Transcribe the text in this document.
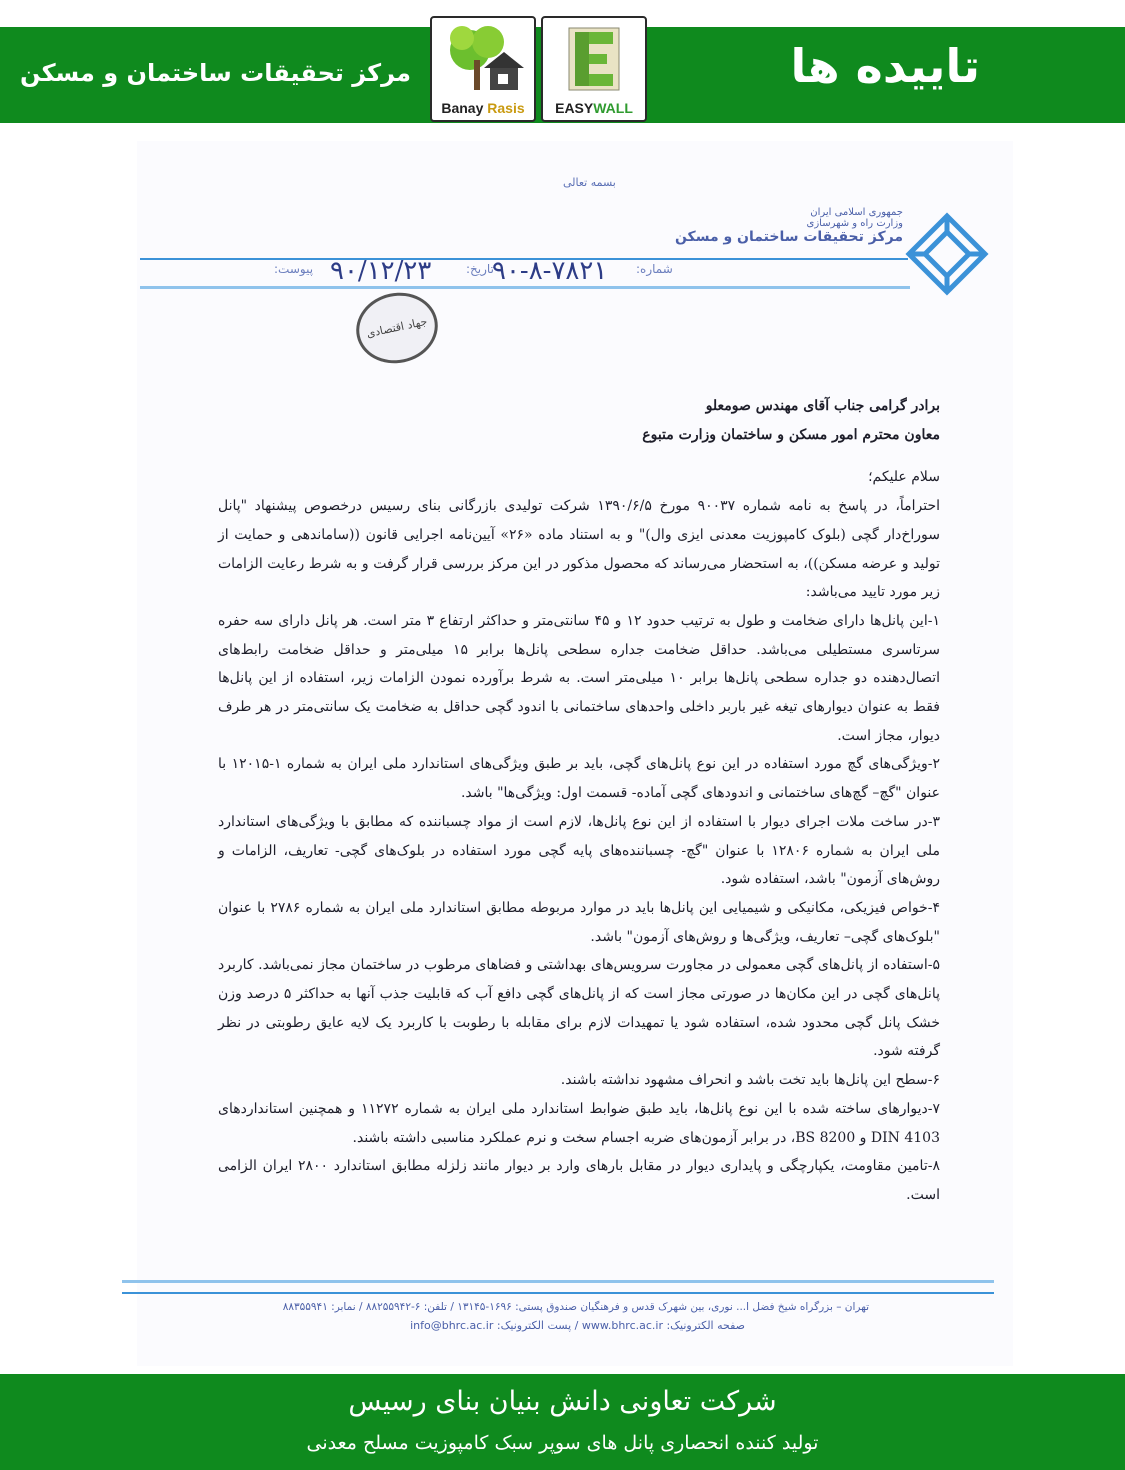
تاییده ها
مرکز تحقیقات ساختمان و مسکن
Banay Rasis	EASYWALL
بسمه تعالی
جمهوری اسلامی ایران
وزارت راه و شهرسازی
مرکز تحقیقات ساختمان و مسکن
شماره:
۹۰-۸-۷۸۲۱
تاریخ:
۹۰/۱۲/۲۳
پیوست:
جهاد اقتصادی

برادر گرامی جناب آقای مهندس صومعلو

معاون محترم امور مسکن و ساختمان وزارت متبوع

سلام علیکم؛

احتراماً، در پاسخ به نامه شماره ۹۰۰۳۷ مورخ ۱۳۹۰/۶/۵ شرکت تولیدی بازرگانی بنای رسیس درخصوص پیشنهاد "پانل سوراخ‌دار گچی (بلوک کامپوزیت معدنی ایزی وال)" و به استناد ماده «۲۶» آیین‌نامه اجرایی قانون ((ساماندهی و حمایت از تولید و عرضه مسکن))، به استحضار می‌رساند که محصول مذکور در این مرکز بررسی قرار گرفت و به شرط رعایت الزامات زیر مورد تایید می‌باشد:

۱-این پانل‌ها دارای ضخامت و طول به ترتیب حدود ۱۲ و ۴۵ سانتی‌متر و حداکثر ارتفاع ۳ متر است. هر پانل دارای سه حفره سرتاسری مستطیلی می‌باشد. حداقل ضخامت جداره سطحی پانل‌ها برابر ۱۵ میلی‌متر و حداقل ضخامت رابط‌های اتصال‌دهنده دو جداره سطحی پانل‌ها برابر ۱۰ میلی‌متر است. به شرط برآورده نمودن الزامات زیر، استفاده از این پانل‌ها فقط به عنوان دیوارهای تیغه غیر باربر داخلی واحدهای ساختمانی با اندود گچی حداقل به ضخامت یک سانتی‌متر در هر طرف دیوار، مجاز است.

۲-ویژگی‌های گچ مورد استفاده در این نوع پانل‌های گچی، باید بر طبق ویژگی‌های استاندارد ملی ایران به شماره ۱-۱۲۰۱۵ با عنوان "گچ– گچ‌های ساختمانی و اندودهای گچی آماده- قسمت اول: ویژگی‌ها" باشد.

۳-در ساخت ملات اجرای دیوار با استفاده از این نوع پانل‌ها، لازم است از مواد چسباننده که مطابق با ویژگی‌های استاندارد ملی ایران به شماره ۱۲۸۰۶ با عنوان "گچ- چسباننده‌های پایه گچی مورد استفاده در بلوک‌های گچی- تعاریف، الزامات و روش‌های آزمون" باشد، استفاده شود.

۴-خواص فیزیکی، مکانیکی و شیمیایی این پانل‌ها باید در موارد مربوطه مطابق استاندارد ملی ایران به شماره ۲۷۸۶ با عنوان "بلوک‌های گچی– تعاریف، ویژگی‌ها و روش‌های آزمون" باشد.

۵-استفاده از پانل‌های گچی معمولی در مجاورت سرویس‌های بهداشتی و فضاهای مرطوب در ساختمان مجاز نمی‌باشد. کاربرد پانل‌های گچی در این مکان‌ها در صورتی مجاز است که از پانل‌های گچی دافع آب که قابلیت جذب آنها به حداکثر ۵ درصد وزن خشک پانل گچی محدود شده، استفاده شود یا تمهیدات لازم برای مقابله با رطوبت با کاربرد یک لایه عایق رطوبتی در نظر گرفته شود.

۶-سطح این پانل‌ها باید تخت باشد و انحراف مشهود نداشته باشند.

۷-دیوارهای ساخته شده با این نوع پانل‌ها، باید طبق ضوابط استاندارد ملی ایران به شماره ۱۱۲۷۲ و همچنین استانداردهای DIN 4103 و BS 8200، در برابر آزمون‌های ضربه اجسام سخت و نرم عملکرد مناسبی داشته باشند.

۸-تامین مقاومت، یکپارچگی و پایداری دیوار در مقابل بارهای وارد بر دیوار مانند زلزله مطابق استاندارد ۲۸۰۰ ایران الزامی است.

تهران – بزرگراه شیخ فضل ا... نوری، بین شهرک قدس و فرهنگیان صندوق پستی: ۱۶۹۶-۱۳۱۴۵ / تلفن: ۶-۸۸۲۵۵۹۴۲ / نمابر: ۸۸۳۵۵۹۴۱
صفحه الکترونیک: www.bhrc.ac.ir / پست الکترونیک: info@bhrc.ac.ir
شرکت تعاونی دانش بنیان بنای رسیس
تولید کننده انحصاری پانل های سوپر سبک کامپوزیت مسلح معدنی
